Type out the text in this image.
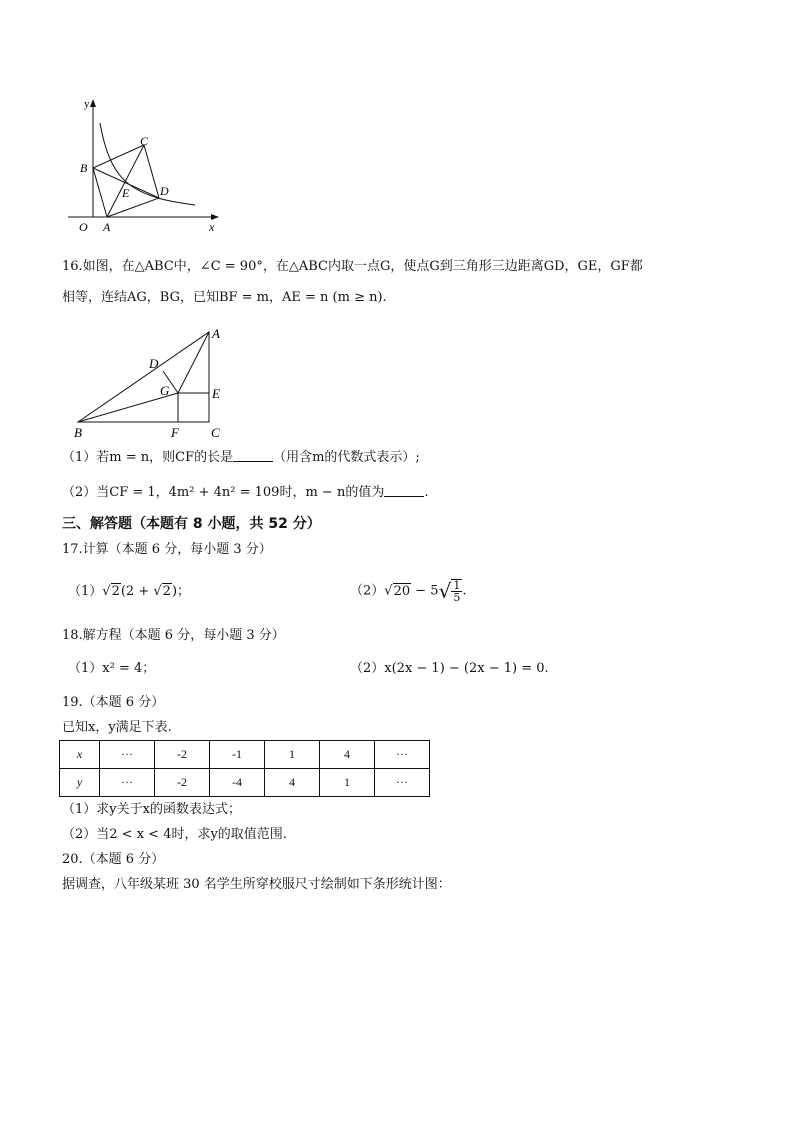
y
x
O A
B
C
D
E
16.如图，在△ABC中，∠C = 90°，在△ABC内取一点G，使点G到三角形三边距离GD，GE，GF都
相等，连结AG，BG，已知BF = m，AE = n (m ≥ n).
A
B	C
D
E
F
G
（1）若m = n，则CF的长是	（用含m的代数式表示）;
（2）当CF = 1，4m² + 4n² = 109时，m − n的值为	.
三、解答题（本题有 8 小题，共 52 分）
17.计算（本题 6 分，每小题 3 分）
（1）√2(2 + √2)；	$(2)√20 - 5√ \frac{1}{5}$ .
18.解方程（本题 6 分，每小题 3 分）
（1）x² = 4；	（2）x(2x − 1) − (2x − 1) = 0.
19.（本题 6 分）
已知x，y满足下表.
x	···	-2	-1	1	4	···
y	···	-2	-4	4	1	···
（1）求y关于x的函数表达式；
（2）当2 < x < 4时，求y的取值范围.
20.（本题 6 分）
据调查，八年级某班 30 名学生所穿校服尺寸绘制如下条形统计图：
